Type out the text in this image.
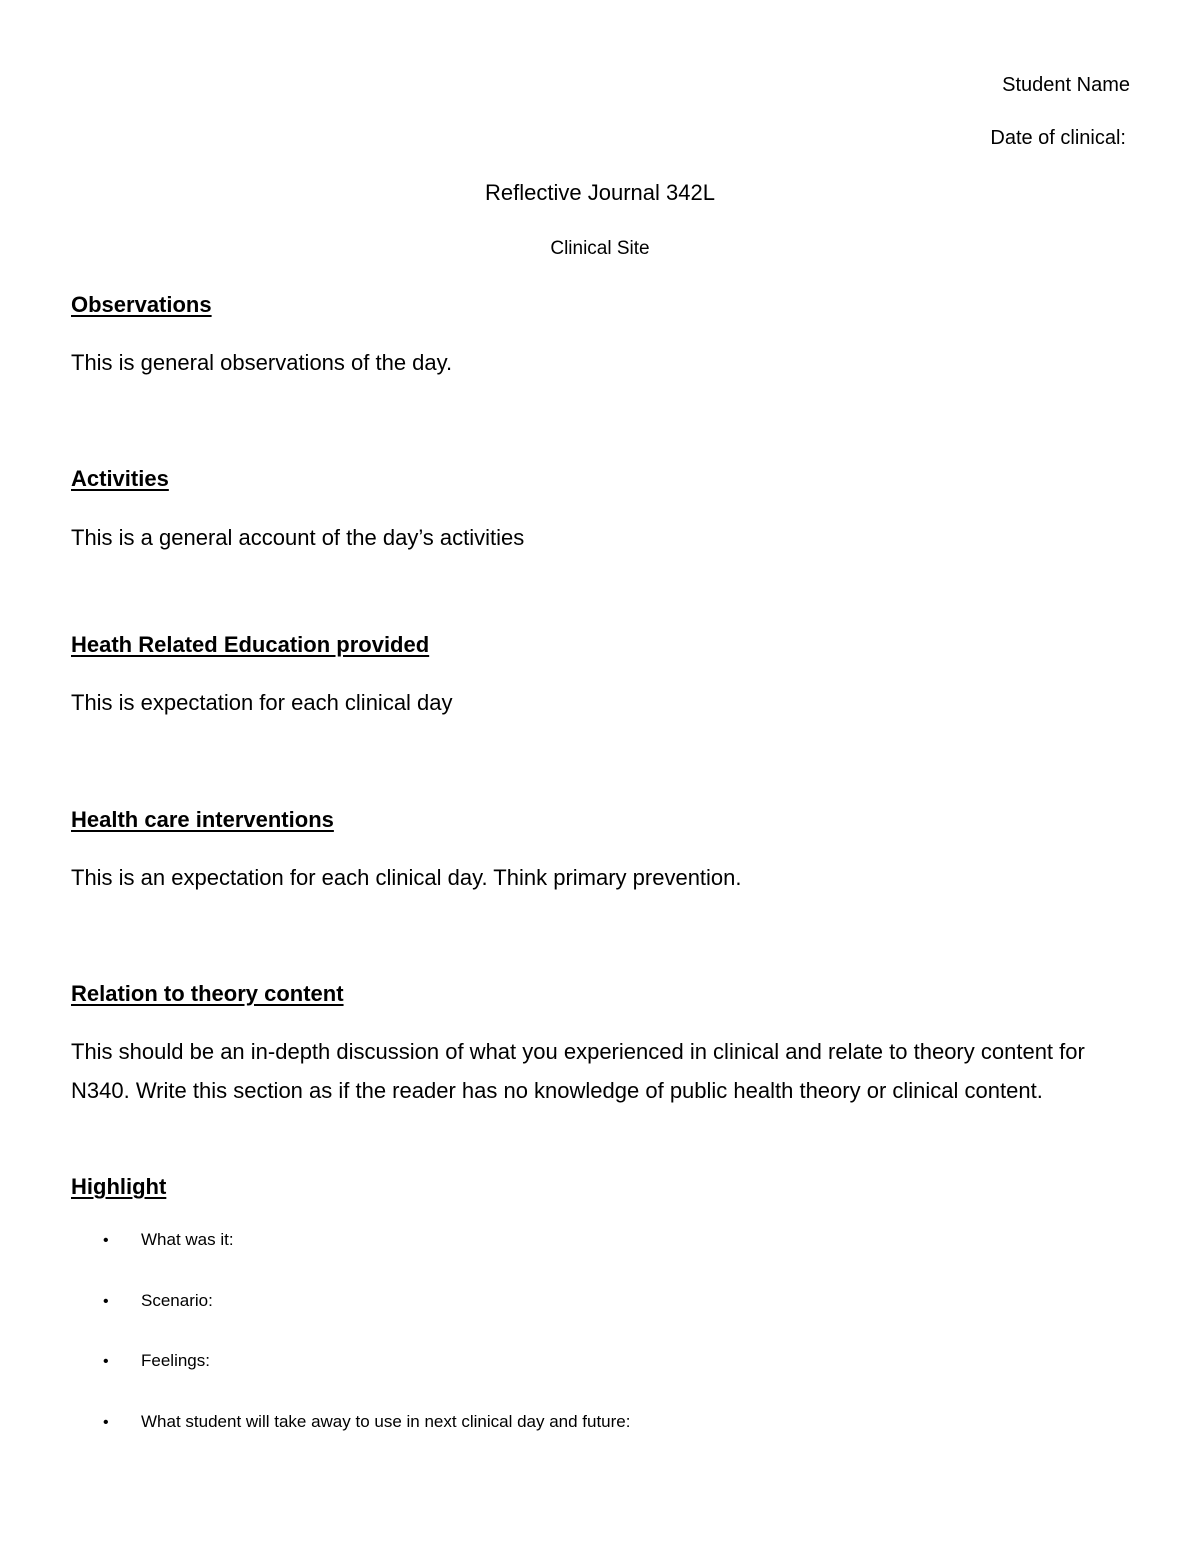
Student Name

Date of clinical:

Reflective Journal 342L

Clinical Site

Observations

This is general observations of the day.

Activities

This is a general account of the day’s activities

Heath Related Education provided

This is expectation for each clinical day

Health care interventions

This is an expectation for each clinical day. Think primary prevention.

Relation to theory content

This should be an in-depth discussion of what you experienced in clinical and relate to theory content for N340. Write this section as if the reader has no knowledge of public health theory or clinical content.

Highlight

• What was it:
• Scenario:
• Feelings:
• What student will take away to use in next clinical day and future:
